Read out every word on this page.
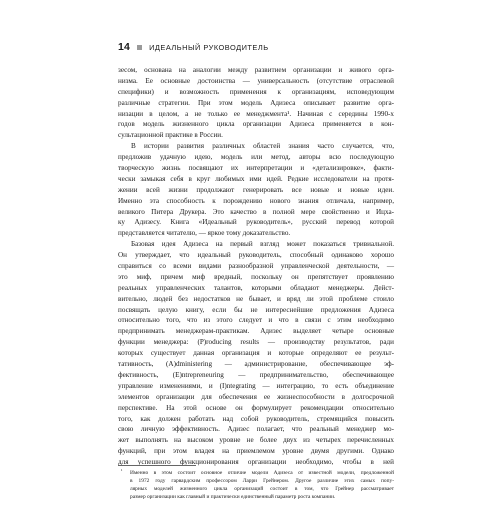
14	ИДЕАЛЬНЫЙ РУКОВОДИТЕЛЬ
зесом, основана на аналогии между развитием организации и живого орга-
низма. Ее основные достоинства — универсальность (отсутствие отраслевой
специфики) и возможность применения к организациям, исповедующим
различные стратегии. При этом модель Адизеса описывает развитие орга-
низации в целом, а не только ее менеджмента¹. Начиная с середины 1990-х
годов модель жизненного цикла организации Адизеса применяется в кон-
сультационной практике в России.
В истории развития различных областей знания часто случается, что,
предложив удачную идею, модель или метод, авторы всю последующую
творческую жизнь посвящают их интерпретации и «детализировке», факти-
чески замыкая себя в круг любимых ими идей. Редкие исследователи на протя-
жении всей жизни продолжают генерировать все новые и новые идеи.
Именно эта способность к порождению нового знания отличала, например,
великого Питера Друкера. Это качество в полной мере свойственно и Ицха-
ку Адизесу. Книга «Идеальный руководитель», русский перевод которой
представляется читателю, — яркое тому доказательство.
Базовая идея Адизеса на первый взгляд может показаться тривиальной.
Он утверждает, что идеальный руководитель, способный одинаково хорошо
справиться со всеми видами разнообразной управленческой деятельности, —
это миф, причем миф вредный, поскольку он препятствует проявлению
реальных управленческих талантов, которыми обладают менеджеры. Дейст-
вительно, людей без недостатков не бывает, и вряд ли этой проблеме стоило
посвящать целую книгу, если бы не интереснейшие предложения Адизеса
относительно того, что из этого следует и что в связи с этим необходимо
предпринимать менеджерам-практикам. Адизес выделяет четыре основные
функции менеджера: (P)roducing results — производству результатов, ради
которых существует данная организация и которые определяют ее результ-
тативность, (A)dministering — администрирование, обеспечивающее эф-
фективность, (E)ntrepreneuring — предпринимательство, обеспечивающее
управление изменениями, и (I)ntegrating — интеграцию, то есть объединение
элементов организации для обеспечения ее жизнеспособности в долгосрочной
перспективе. На этой основе он формулирует рекомендации относительно
того, как должен работать над собой руководитель, стремящийся повысить
свою личную эффективность. Адизес полагает, что реальный менеджер мо-
жет выполнять на высоком уровне не более двух из четырех перечисленных
функций, при этом владея на приемлемом уровне двумя другими. Однако
для успешного функционирования организации необходимо, чтобы в ней
¹	Именно в этом состоит основное отличие модели Адизеса от известной модели, предложенной
в 1972 году гарвардским профессором Ларри Грейнером. Другое различие этих самых попу-
лярных моделей жизненного цикла организаций состоит в том, что Грейнер рассматривает
размер организации как главный и практически единственный параметр роста компании.
